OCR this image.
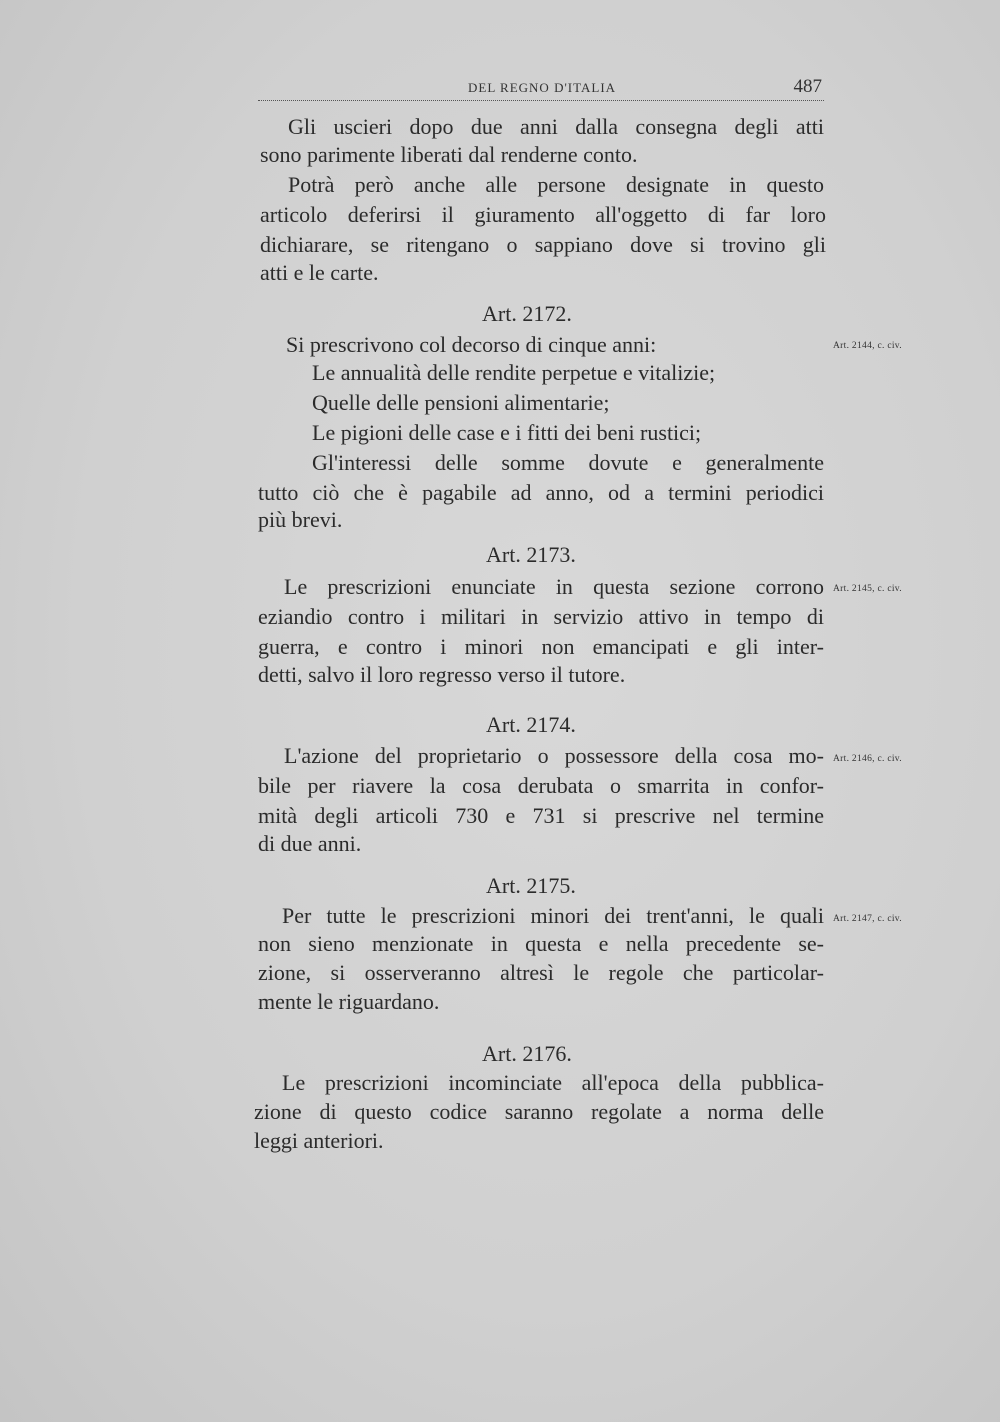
DEL REGNO D'ITALIA	487
Gli uscieri dopo due anni dalla consegna degli atti
sono parimente liberati dal renderne conto.
Potrà però anche alle persone designate in questo
articolo deferirsi il giuramento all'oggetto di far loro
dichiarare, se ritengano o sappiano dove si trovino gli
atti e le carte.
Art. 2172.
Art. 2144, c. civ.
Si prescrivono col decorso di cinque anni:
Le annualità delle rendite perpetue e vitalizie;
Quelle delle pensioni alimentarie;
Le pigioni delle case e i fitti dei beni rustici;
Gl'interessi delle somme dovute e generalmente
tutto ciò che è pagabile ad anno, od a termini periodici
più brevi.
Art. 2173.
Art. 2145, c. civ.
Le prescrizioni enunciate in questa sezione corrono
eziandio contro i militari in servizio attivo in tempo di
guerra, e contro i minori non emancipati e gli inter-
detti, salvo il loro regresso verso il tutore.
Art. 2174.
Art. 2146, c. civ.
L'azione del proprietario o possessore della cosa mo-
bile per riavere la cosa derubata o smarrita in confor-
mità degli articoli 730 e 731 si prescrive nel termine
di due anni.
Art. 2175.
Art. 2147, c. civ.
Per tutte le prescrizioni minori dei trent'anni, le quali
non sieno menzionate in questa e nella precedente se-
zione, si osserveranno altresì le regole che particolar-
mente le riguardano.
Art. 2176.
Le prescrizioni incominciate all'epoca della pubblica-
zione di questo codice saranno regolate a norma delle
leggi anteriori.
